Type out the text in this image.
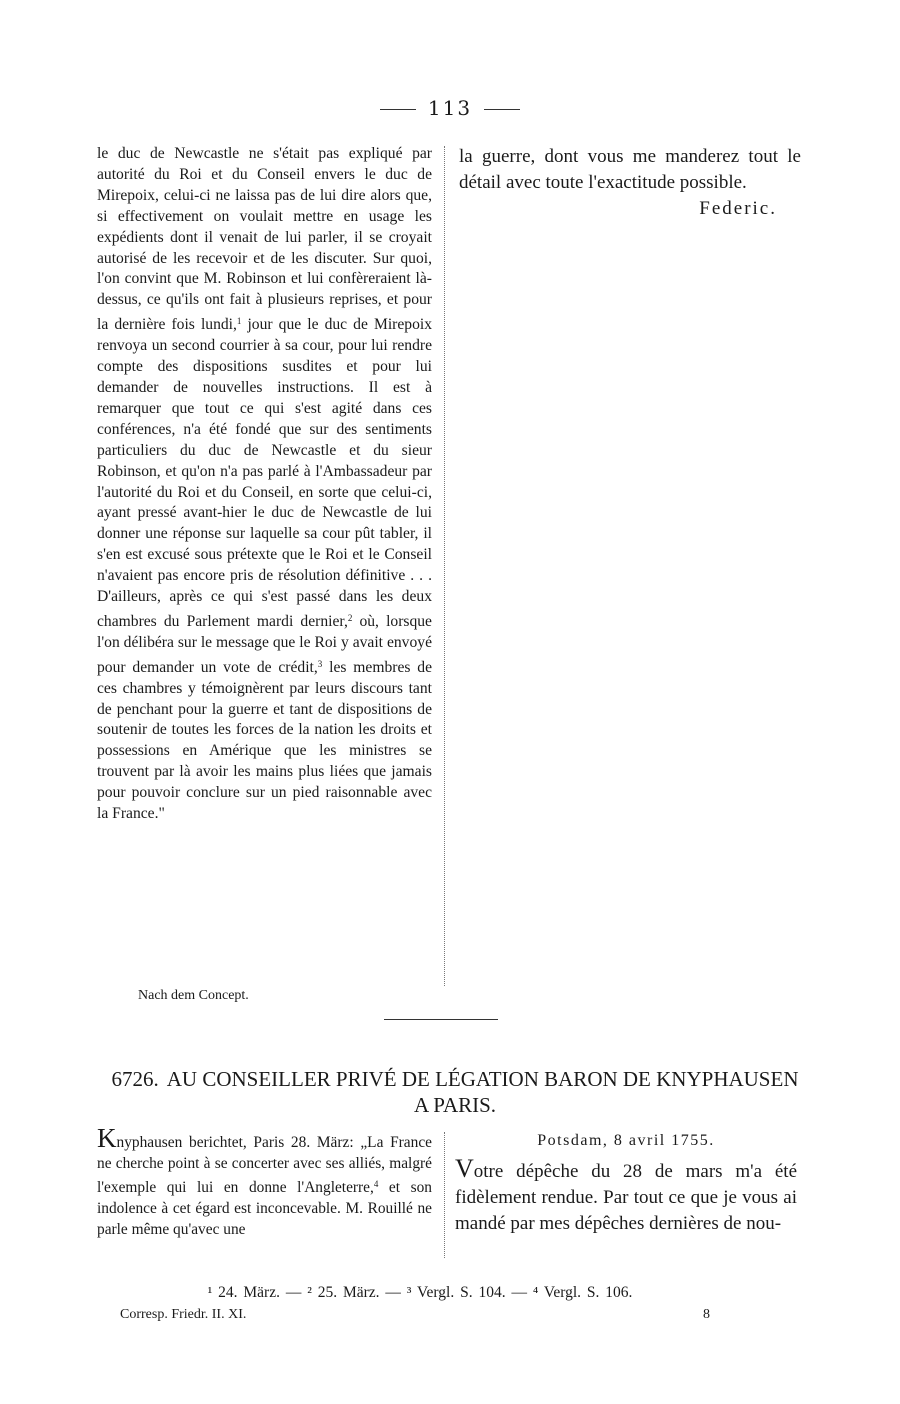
113

le duc de Newcastle ne s'était pas expliqué par autorité du Roi et du Conseil envers le duc de Mirepoix, celui-ci ne laissa pas de lui dire alors que, si effectivement on voulait mettre en usage les expédients dont il venait de lui parler, il se croyait autorisé de les recevoir et de les discuter. Sur quoi, l'on convint que M. Robinson et lui confèreraient là-dessus, ce qu'ils ont fait à plusieurs reprises, et pour la dernière fois lundi,$^1$ jour que le duc de Mirepoix renvoya un second courrier à sa cour, pour lui rendre compte des dispositions susdites et pour lui demander de nouvelles instructions. Il est à remarquer que tout ce qui s'est agité dans ces conférences, n'a été fondé que sur des sentiments particuliers du duc de Newcastle et du sieur Robinson, et qu'on n'a pas parlé à l'Ambassadeur par l'autorité du Roi et du Conseil, en sorte que celui-ci, ayant pressé avant-hier le duc de Newcastle de lui donner une réponse sur laquelle sa cour pût tabler, il s'en est excusé sous prétexte que le Roi et le Conseil n'avaient pas encore pris de résolution définitive . . . D'ailleurs, après ce qui s'est passé dans les deux chambres du Parlement mardi dernier,$^2$ où, lorsque l'on délibéra sur le message que le Roi y avait envoyé pour demander un vote de crédit,$^3$ les membres de ces chambres y témoignèrent par leurs discours tant de penchant pour la guerre et tant de dispositions de soutenir de toutes les forces de la nation les droits et possessions en Amérique que les ministres se trouvent par là avoir les mains plus liées que jamais pour pouvoir conclure sur un pied raisonnable avec la France."

la guerre, dont vous me manderez tout le détail avec toute l'exactitude possible.

Federic.

Nach dem Concept.
6726. AU CONSEILLER PRIVÉ DE LÉGATION BARON DE KNYPHAUSEN A PARIS.

Knyphausen berichtet, Paris 28. März: „La France ne cherche point à se concerter avec ses alliés, malgré l'exemple qui lui en donne l'Angleterre,$^4$ et son indolence à cet égard est inconcevable. M. Rouillé ne parle même qu'avec une

Potsdam, 8 avril 1755.

Votre dépêche du 28 de mars m'a été fidèlement rendue. Par tout ce que je vous ai mandé par mes dépêches dernières de nou-

¹ 24. März. — ² 25. März. — ³ Vergl. S. 104. — ⁴ Vergl. S. 106.
Corresp. Friedr. II. XI.	8
